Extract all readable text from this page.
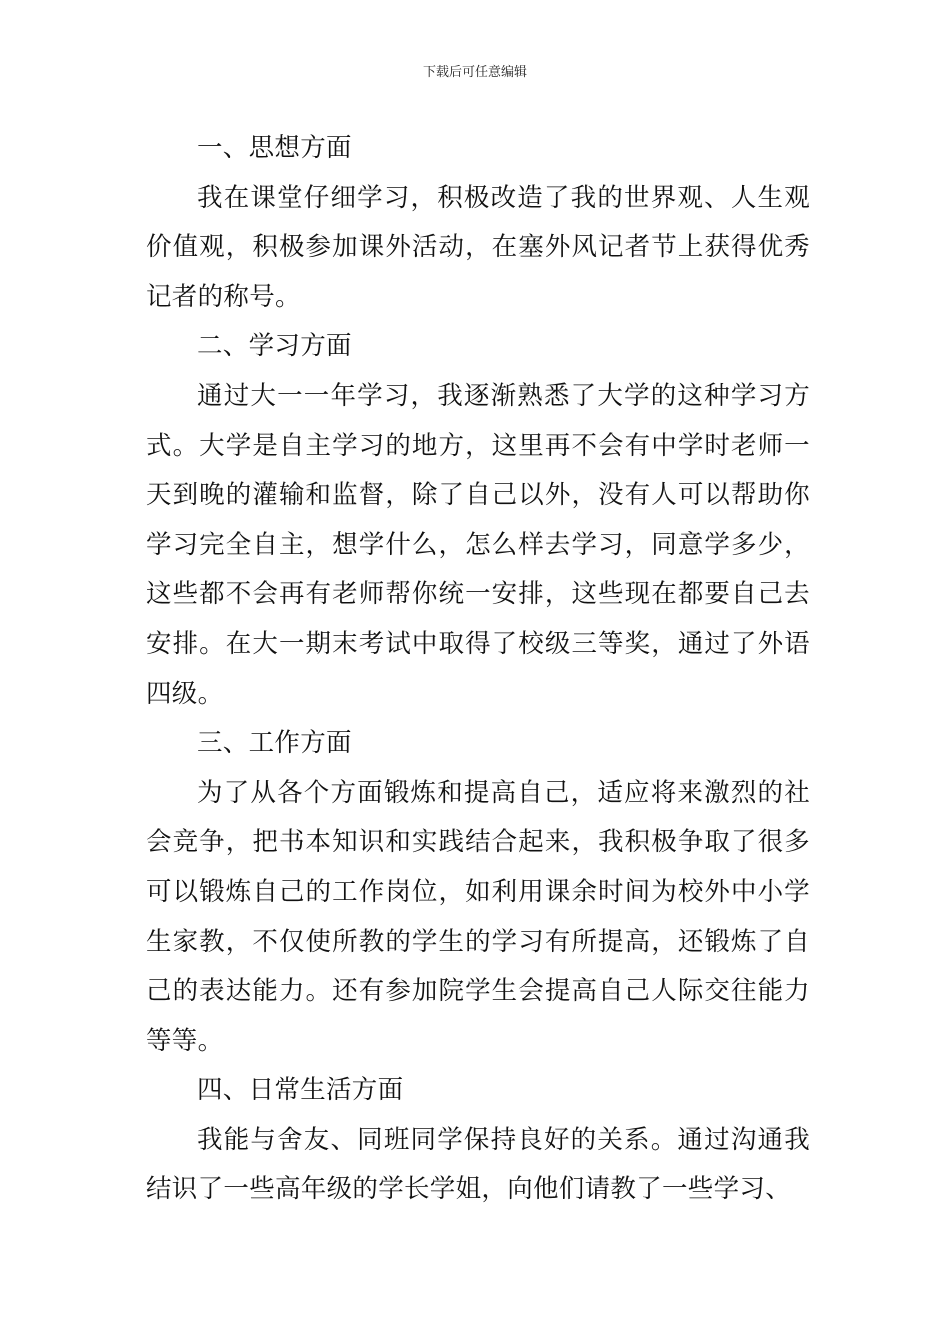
下载后可任意编辑

一、思想方面

我在课堂仔细学习，积极改造了我的世界观、人生观价值观，积极参加课外活动，在塞外风记者节上获得优秀记者的称号。

二、学习方面

通过大一一年学习，我逐渐熟悉了大学的这种学习方式。大学是自主学习的地方，这里再不会有中学时老师一天到晚的灌输和监督，除了自己以外，没有人可以帮助你学习完全自主，想学什么，怎么样去学习，同意学多少，这些都不会再有老师帮你统一安排，这些现在都要自己去安排。在大一期末考试中取得了校级三等奖，通过了外语四级。

三、工作方面

为了从各个方面锻炼和提高自己，适应将来激烈的社会竞争，把书本知识和实践结合起来，我积极争取了很多可以锻炼自己的工作岗位，如利用课余时间为校外中小学生家教，不仅使所教的学生的学习有所提高，还锻炼了自己的表达能力。还有参加院学生会提高自己人际交往能力等等。

四、日常生活方面

我能与舍友、同班同学保持良好的关系。通过沟通我结识了一些高年级的学长学姐，向他们请教了一些学习、
